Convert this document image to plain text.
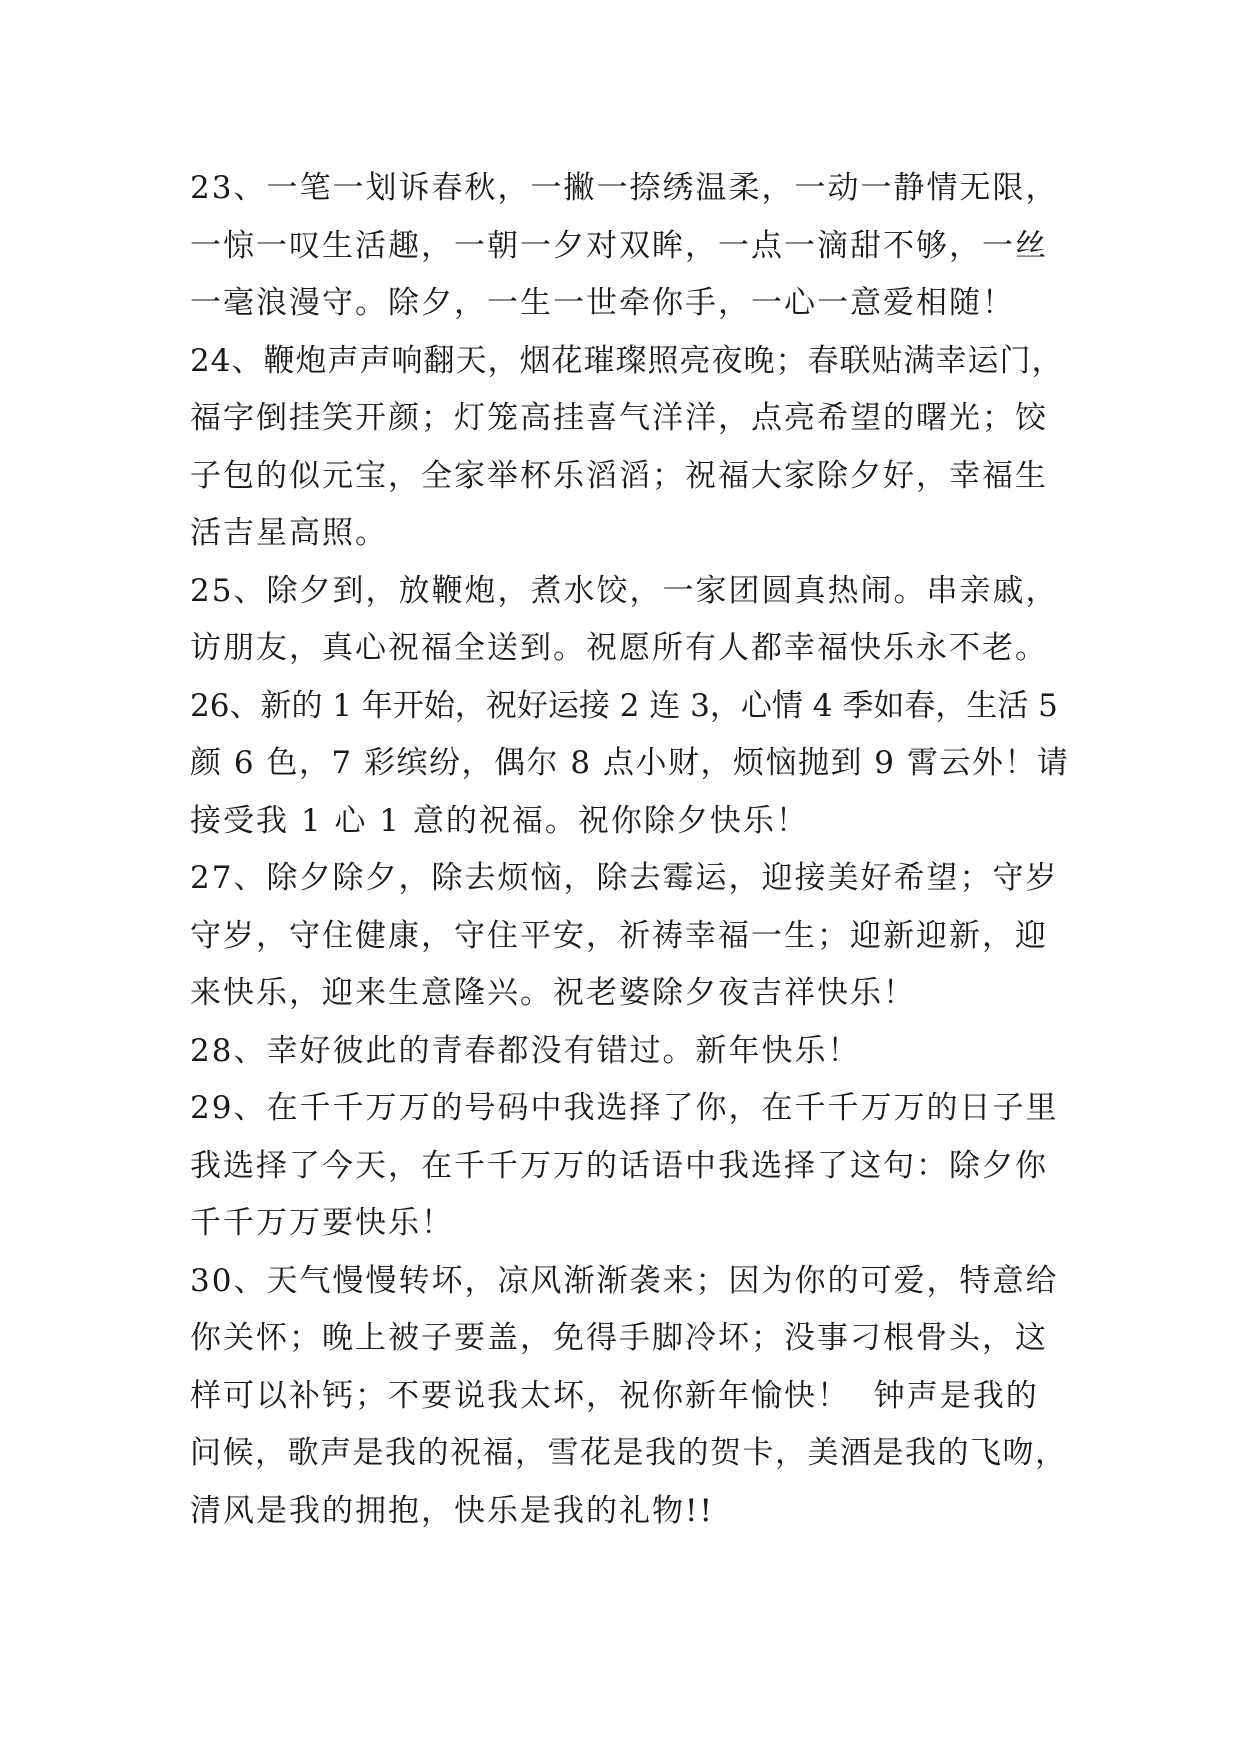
23、一笔一划诉春秋，一撇一捺绣温柔，一动一静情无限，
一惊一叹生活趣，一朝一夕对双眸，一点一滴甜不够，一丝
一毫浪漫守。除夕，一生一世牵你手，一心一意爱相随！
24、鞭炮声声响翻天，烟花璀璨照亮夜晚；春联贴满幸运门，
福字倒挂笑开颜；灯笼高挂喜气洋洋，点亮希望的曙光；饺
子包的似元宝，全家举杯乐滔滔；祝福大家除夕好，幸福生
活吉星高照。
25、除夕到，放鞭炮，煮水饺，一家团圆真热闹。串亲戚，
访朋友，真心祝福全送到。祝愿所有人都幸福快乐永不老。
26、新的 1 年开始，祝好运接 2 连 3，心情 4 季如春，生活 5
颜 6 色，7 彩缤纷，偶尔 8 点小财，烦恼抛到 9 霄云外！请
接受我 1 心 1 意的祝福。祝你除夕快乐！
27、除夕除夕，除去烦恼，除去霉运，迎接美好希望；守岁
守岁，守住健康，守住平安，祈祷幸福一生；迎新迎新，迎
来快乐，迎来生意隆兴。祝老婆除夕夜吉祥快乐！
28、幸好彼此的青春都没有错过。新年快乐！
29、在千千万万的号码中我选择了你，在千千万万的日子里
我选择了今天，在千千万万的话语中我选择了这句：除夕你
千千万万要快乐！
30、天气慢慢转坏，凉风渐渐袭来；因为你的可爱，特意给
你关怀；晚上被子要盖，免得手脚冷坏；没事刁根骨头，这
样可以补钙；不要说我太坏，祝你新年愉快！  钟声是我的
问候，歌声是我的祝福，雪花是我的贺卡，美酒是我的飞吻，
清风是我的拥抱，快乐是我的礼物!!
